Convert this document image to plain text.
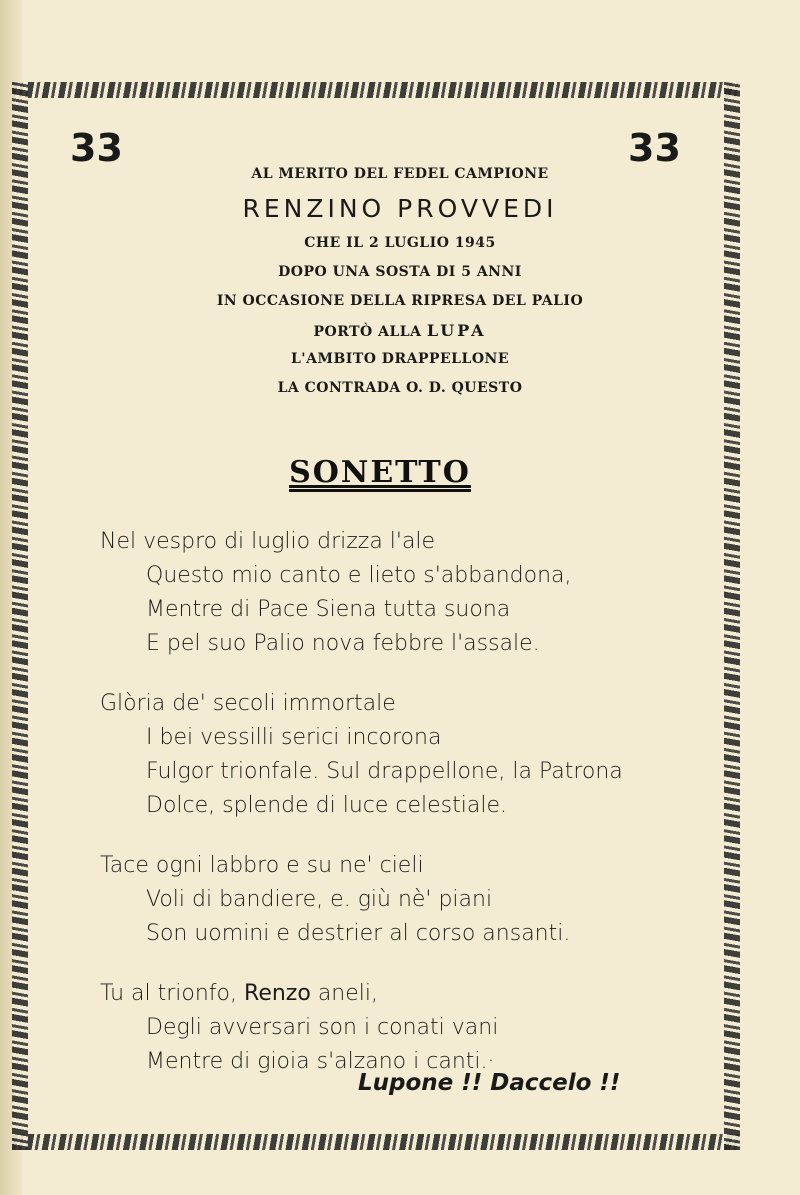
33	33
AL MERITO DEL FEDEL CAMPIONE
RENZINO PROVVEDI
CHE IL 2 LUGLIO 1945
DOPO UNA SOSTA DI 5 ANNI
IN OCCASIONE DELLA RIPRESA DEL PALIO
PORTÒ ALLA LUPA
L'AMBITO DRAPPELLONE
LA CONTRADA O. D. QUESTO
SONETTO
Nel vespro di luglio drizza l'ale
Questo mio canto e lieto s'abbandona,
Mentre di Pace Siena tutta suona
E pel suo Palio nova febbre l'assale.
Glòria de' secoli immortale
I bei vessilli serici incorona
Fulgor trionfale. Sul drappellone, la Patrona
Dolce, splende di luce celestiale.
Tace ogni labbro e su ne' cieli
Voli di bandiere, e. giù nè' piani
Son uomini e destrier al corso ansanti.
Tu al trionfo, Renzo aneli,
Degli avversari son i conati vani
Mentre di gioia s'alzano i canti.·
Lupone !! Daccelo !!
